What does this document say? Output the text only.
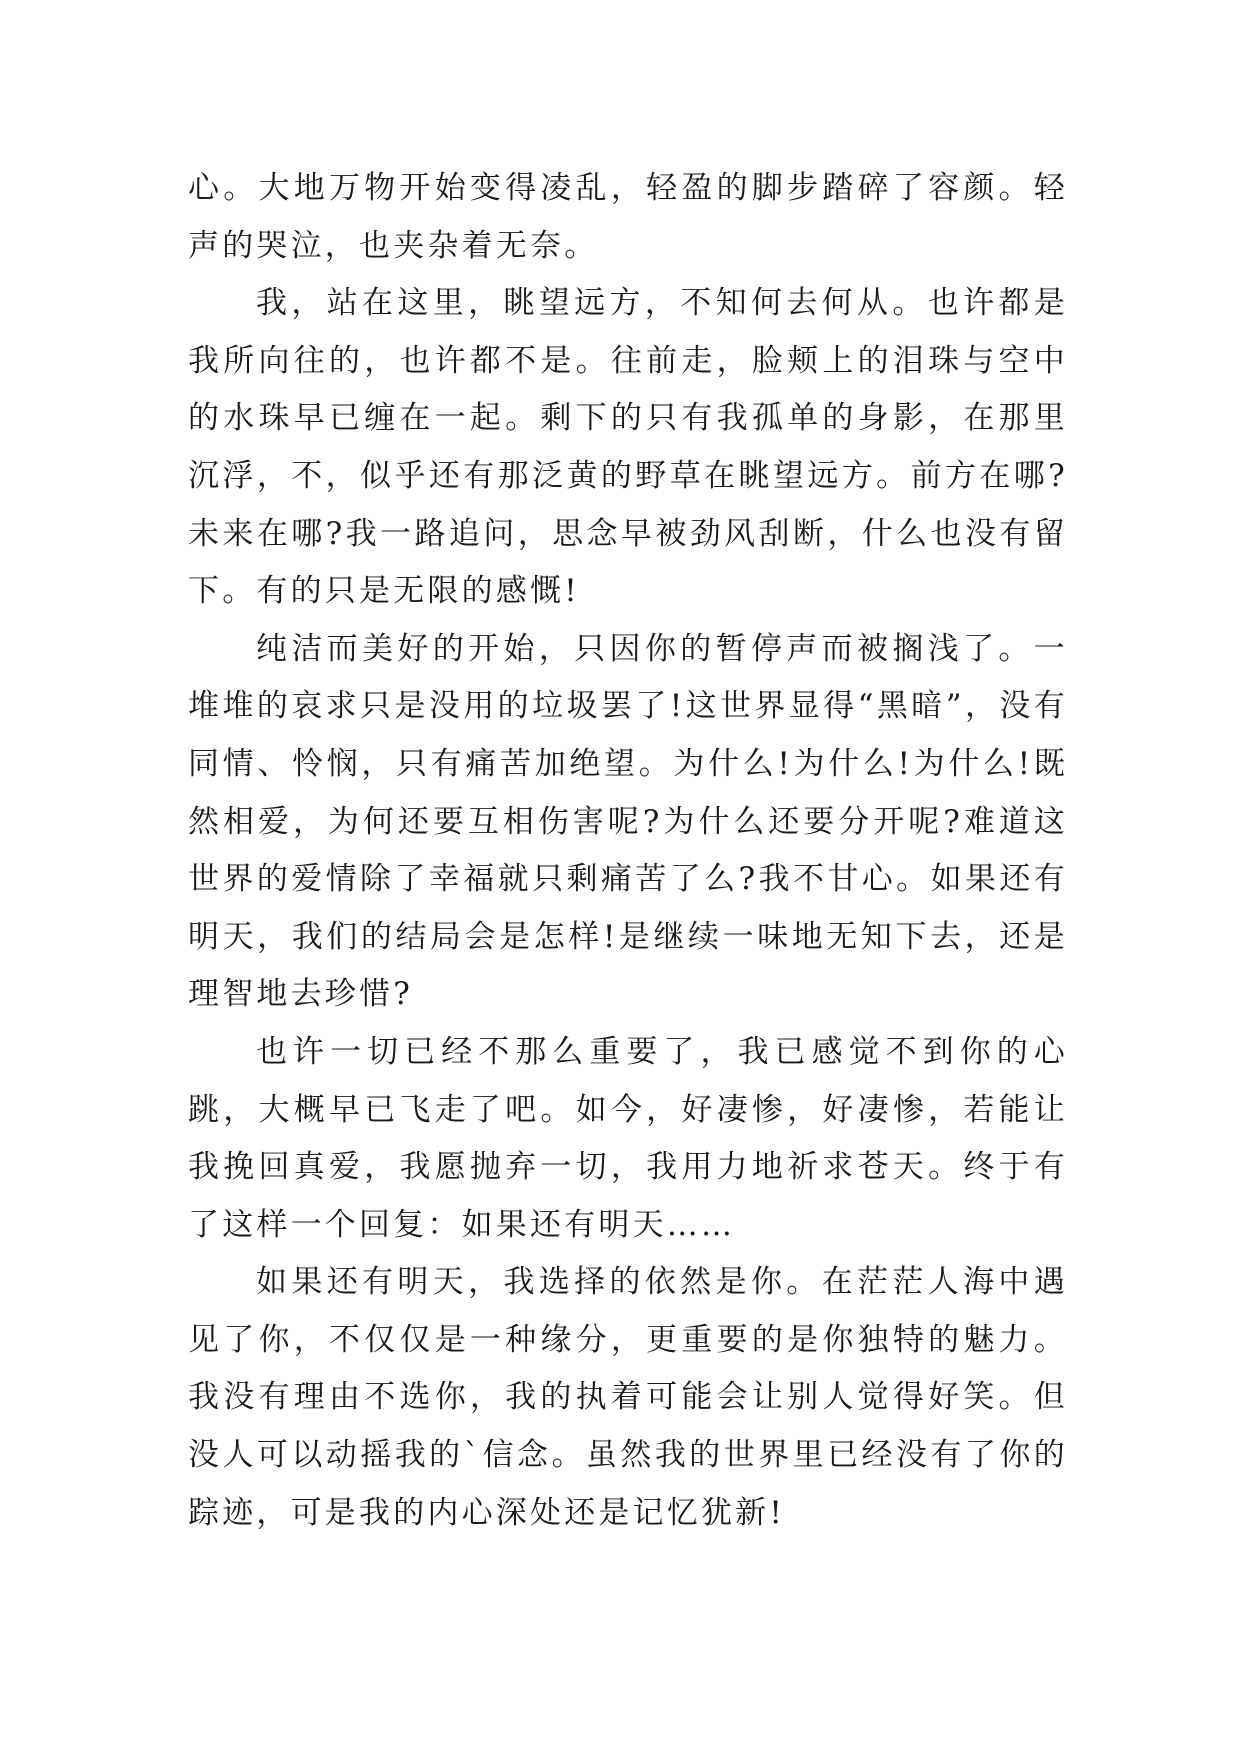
心。大地万物开始变得凌乱，轻盈的脚步踏碎了容颜。轻声的哭泣，也夹杂着无奈。

我，站在这里，眺望远方，不知何去何从。也许都是我所向往的，也许都不是。往前走，脸颊上的泪珠与空中的水珠早已缠在一起。剩下的只有我孤单的身影，在那里沉浮，不，似乎还有那泛黄的野草在眺望远方。前方在哪?未来在哪?我一路追问，思念早被劲风刮断，什么也没有留下。有的只是无限的感慨!

纯洁而美好的开始，只因你的暂停声而被搁浅了。一堆堆的哀求只是没用的垃圾罢了!这世界显得“黑暗”，没有同情、怜悯，只有痛苦加绝望。为什么!为什么!为什么!既然相爱，为何还要互相伤害呢?为什么还要分开呢?难道这世界的爱情除了幸福就只剩痛苦了么?我不甘心。如果还有明天，我们的结局会是怎样!是继续一味地无知下去，还是理智地去珍惜?

也许一切已经不那么重要了，我已感觉不到你的心跳，大概早已飞走了吧。如今，好凄惨，好凄惨，若能让我挽回真爱，我愿抛弃一切，我用力地祈求苍天。终于有了这样一个回复：如果还有明天……

如果还有明天，我选择的依然是你。在茫茫人海中遇见了你，不仅仅是一种缘分，更重要的是你独特的魅力。我没有理由不选你，我的执着可能会让别人觉得好笑。但没人可以动摇我的`信念。虽然我的世界里已经没有了你的踪迹，可是我的内心深处还是记忆犹新!
